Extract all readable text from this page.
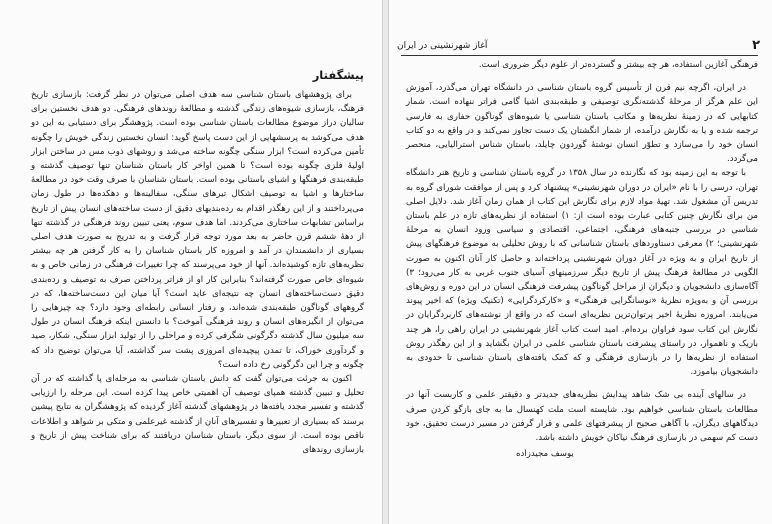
پیشگفتار

برای پژوهشهای باستان شناسی سه هدف اصلی می‌توان در نظر گرفت: بازسازی تاریخ فرهنگ، بازسازی شیوه‌های زندگی گذشته و مطالعهٔ روندهای فرهنگی. دو هدف نخستین برای سالیان دراز موضوع مطالعات باستان شناسی بوده است. پژوهشگر برای دستیابی به این دو هدف می‌کوشد به پرسشهایی از این دست پاسخ گوید: انسان نخستین زندگی خویش را چگونه تأمین می‌کرده است؟ ابزار سنگی چگونه ساخته می‌شد و روشهای ذوب مس در ساختن ابزار اولیهٔ فلزی چگونه بوده است؟ تا همین اواخر کار باستان شناسان تنها توصیف گذشته و طبقه‌بندی فرهنگها و اشیای باستانی بوده است. باستان شناسان با صرف وقت خود در مطالعهٔ ساختارها و اشیا به توصیف اشکال تیرهای سنگی، سفالینه‌ها و دهکده‌ها در طول زمان می‌پرداختند و از این رهگذر اقدام به رده‌بندیهای دقیق از دست ساخته‌های انسان پیش از تاریخ براساس تشابهات ساختاری می‌کردند. اما هدف سوم، یعنی تبیین روند فرهنگی در گذشته تنها از دههٔ ششم قرن حاضر به بعد مورد توجه قرار گرفت و به تدریج به صورت هدف اصلی بسیاری از دانشمندان در آمد و امروزه کار باستان شناسان را به کار گرفتن هر چه بیشتر نظریه‌های تازه کوشیده‌اند. آنها از خود می‌پرسند که چرا تغییرات فرهنگی در زمانی خاص و به شیوه‌ای خاص صورت گرفته‌اند؟ بنابراین کار او از فراتر پرداختن صرف به توصیف و رده‌بندی دقیق دست‌ساخته‌های انسان چه نتیجه‌ای عاید است؟ آیا میان این دست‌ساخته‌ها، که در گروههای گوناگون طبقه‌بندی شده‌اند، و رفتار انسانی رابطه‌ای وجود دارد؟ چه چیزهایی را می‌توان از انگیزه‌های انسان و روند فرهنگی آموخت؟ با دانستن اینکه فرهنگ انسان در طول سه میلیون سال گذشته دگرگونی شگرفی کرده و مراحلی را از تولید ابزار سنگی، شکار، صید و گردآوری خوراک، تا تمدن پیچیده‌ای امروزی پشت سر گذاشته، آیا می‌توان توضیح داد که چگونه و چرا این دگرگونی رخ داده است؟

اکنون به جرئت می‌توان گفت که دانش باستان شناسی به مرحله‌ای پا گذاشته که در آن تحلیل و تبیین گذشته همپای توصیف آن اهمیتی خاص پیدا کرده است. این مرحله را ارزیابی گذشته و تفسیر مجدد یافته‌ها در پژوهشهای گذشته آغاز گردیده که پژوهشگران به نتایج پیشین برسند که بسیاری از تعبیرها و تفسیرهای آنان از گذشته غیرعلمی و متکی بر شواهد و اطلاعات ناقص بوده است. از سوی دیگر، باستان شناسان دریافتند که برای شناخت پیش از تاریخ و بازسازی روندهای

۲
آغاز شهرنشینی در ایران

فرهنگی آغازین استفاده، هر چه بیشتر و گسترده‌تر از علوم دیگر ضروری است.

در ایران، اگرچه نیم قرن از تأسیس گروه باستان شناسی در دانشگاه تهران می‌گذرد، آموزش این علم هرگز از مرحلهٔ گذشته‌نگری توصیفی و طبقه‌بندی اشیا گامی فراتر ننهاده است. شمار کتابهایی که در زمینهٔ نظریه‌ها و مکاتب باستان شناسی یا شیوه‌های گوناگون حفاری به فارسی ترجمه شده و یا به نگارش درآمده، از شمار انگشتان یک دست تجاوز نمی‌کند و در واقع به دو کتاب انسان خود را می‌سازد و تطوّر انسان نوشتهٔ گوردون چایلد، باستان شناس استرالیایی، منحصر می‌گردد.

با توجه به این زمینه بود که نگارنده در سال ۱۳۵۸ در گروه باستان شناسی و تاریخ هنر دانشگاه تهران، درسی را با نام «ایران در دوران شهرنشینی» پیشنهاد کرد و پس از موافقت شورای گروه به تدریس آن مشغول شد. تهیهٔ مواد لازم برای نگارش این کتاب از همان زمان آغاز شد. دلایل اصلی من برای نگارش چنین کتابی عبارت بوده است از: ۱) استفاده از نظریه‌های تازه در علم باستان شناسی در بررسی جنبه‌های فرهنگی، اجتماعی، اقتصادی و سیاسی ورود انسان به مرحلهٔ شهرنشینی؛ ۲) معرفی دستاوردهای باستان شناسانی که با روش تحلیلی به موضوع فرهنگهای پیش از تاریخ ایران و به ویژه در آغاز دوران شهرنشینی پرداخته‌اند و حاصل کار آنان اکنون به صورت الگویی در مطالعهٔ فرهنگ پیش از تاریخ دیگر سرزمینهای آسیای جنوب غربی به کار می‌رود؛ ۳) آگاه‌سازی دانشجویان و دیگران از مراحل گوناگون پیشرفت فرهنگی انسان در این دوره و روش‌های بررسی آن و به‌ویژه نظریهٔ «نوسانگرایی فرهنگی» و «کارکردگرایی» (تکنیک ویژه) که اخیر پیوند می‌یابند. امروزه نظریهٔ اخیر پرتوان‌ترین نظریه‌ای است که در واقع از نوشته‌های کاربردگرایان در نگارش این کتاب سود فراوان برده‌ام. امید است کتاب آغاز شهرنشینی در ایران راهی را، هر چند باریک و ناهموار، در راستای پیشرفت باستان شناسی علمی در ایران بگشاید و از این رهگذر روش استفاده از نظریه‌ها را در بازسازی فرهنگی و که کمک یافته‌های باستان شناسی تا حدودی به دانشجویان بیاموزد.

در سالهای آینده بی شک شاهد پیدایش نظریه‌های جدیدتر و دقیقتر علمی و کاربست آنها در مطالعات باستان شناسی خواهیم بود. شایسته است ملت کهنسال ما به جای بازگو کردن صرف دیدگاههای دیگران، با آگاهی صحیح از پیشرفتهای علمی و قرار گرفتن در مسیر درست تحقیق، خود دست کم سهمی در بازسازی فرهنگ نیاکان خویش داشته باشد.

یوسف مجیدزاده
